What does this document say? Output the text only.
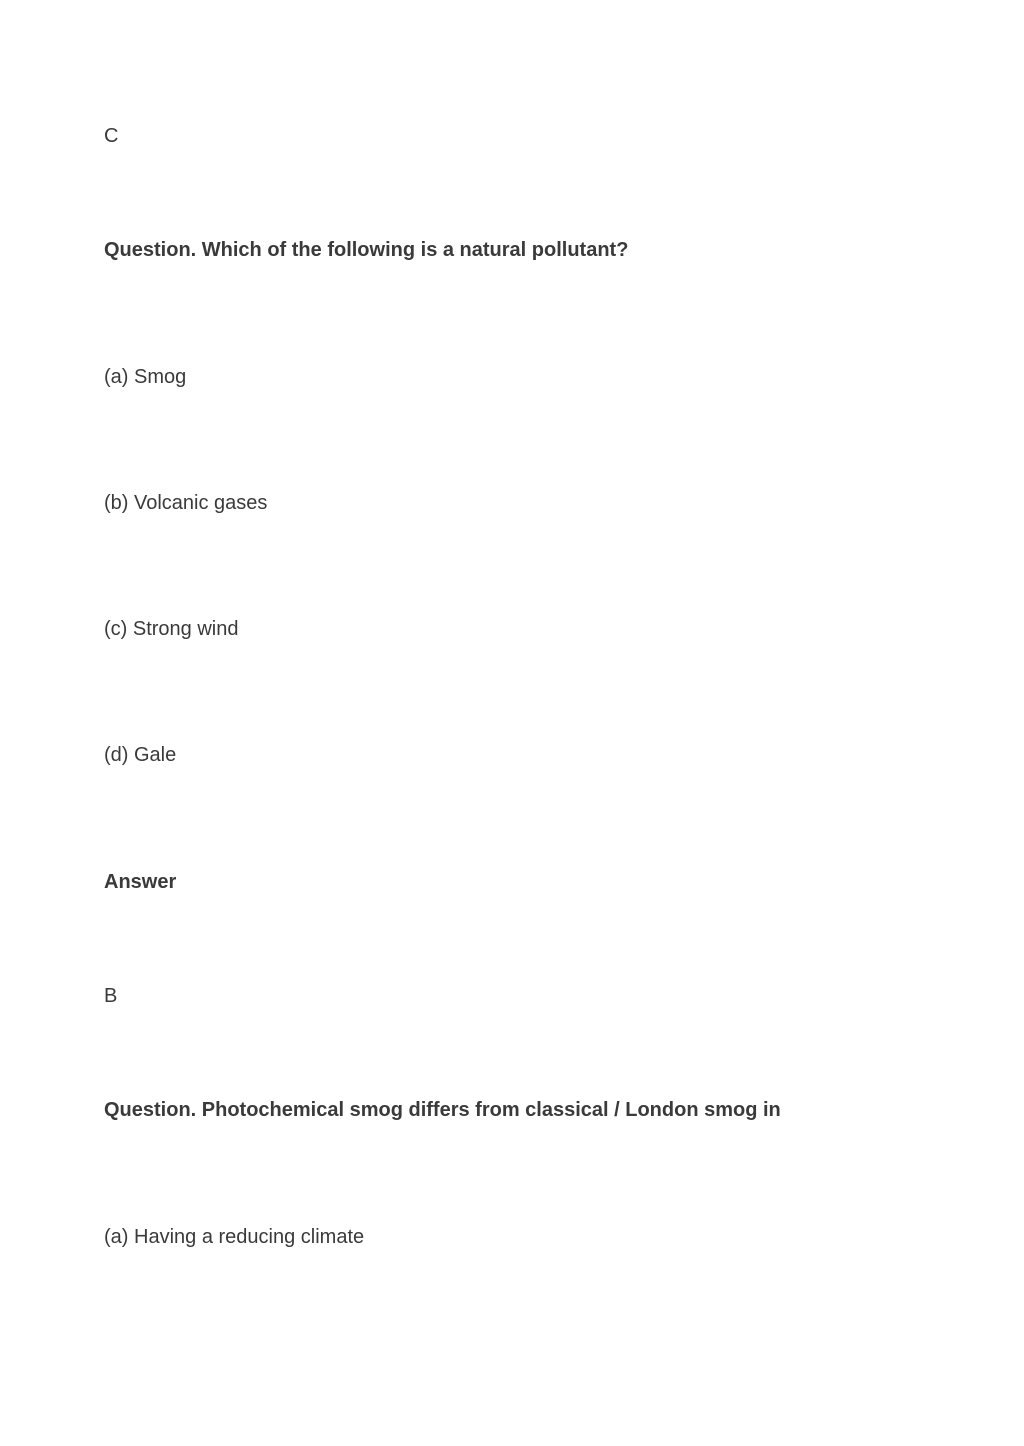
C
Question. Which of the following is a natural pollutant?
(a) Smog
(b) Volcanic gases
(c) Strong wind
(d) Gale
Answer
B
Question. Photochemical smog differs from classical / London smog in
(a) Having a reducing climate
